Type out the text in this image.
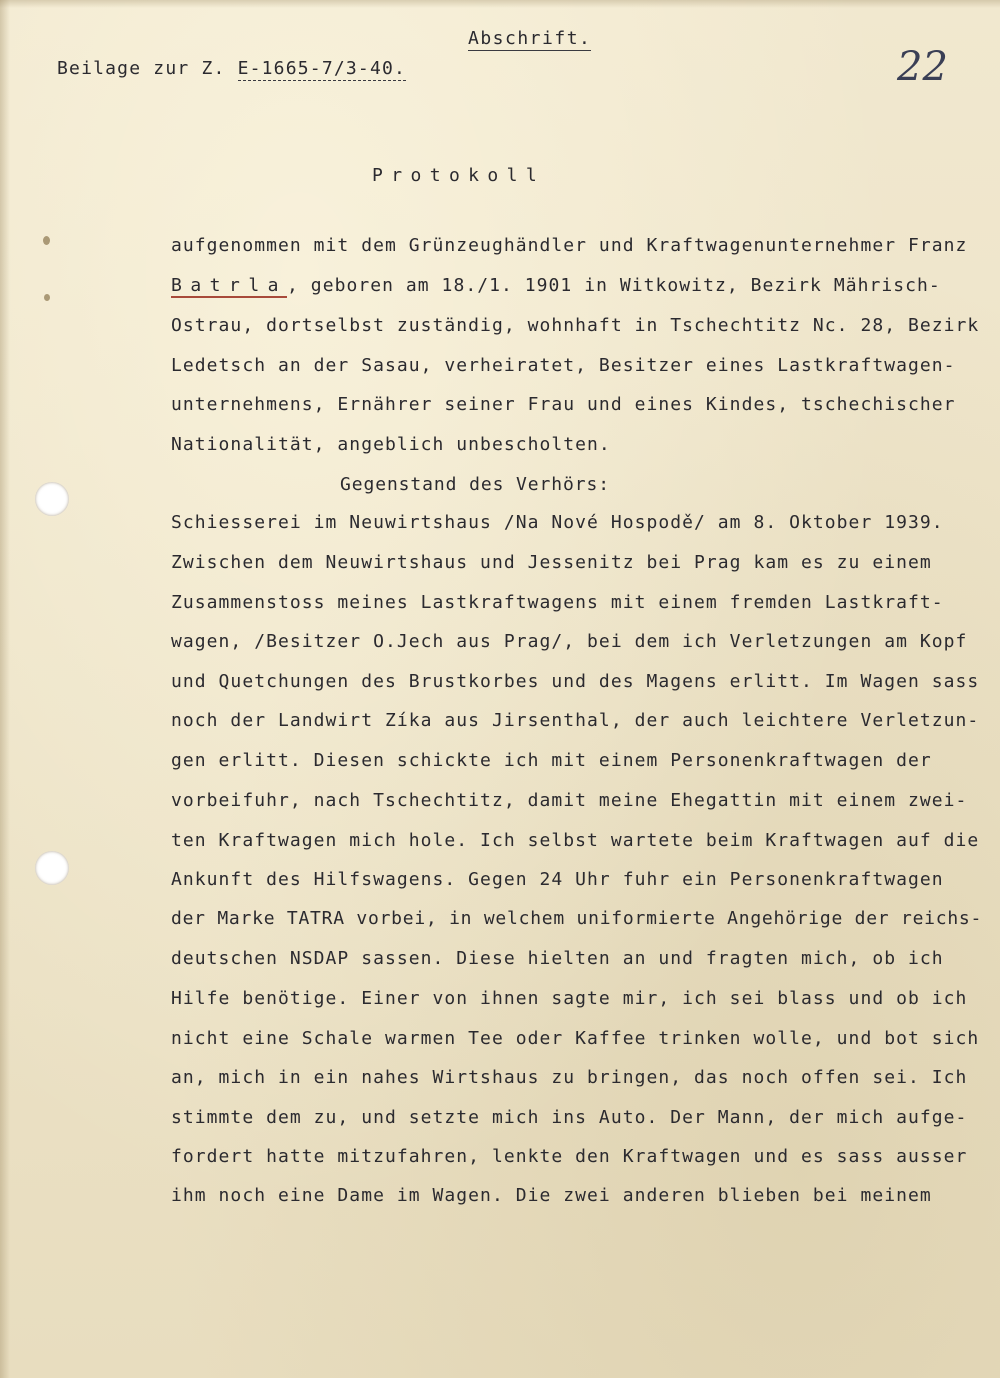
Abschrift.
Beilage zur Z. E-1665-7/3-40.	22
Protokoll
aufgenommen mit dem Grünzeughändler und Kraftwagenunternehmer Franz
Batrla, geboren am 18./1. 1901 in Witkowitz, Bezirk Mährisch-
Ostrau, dortselbst zuständig, wohnhaft in Tschechtitz Nc. 28, Bezirk
Ledetsch an der Sasau, verheiratet, Besitzer eines Lastkraftwagen-
unternehmens, Ernährer seiner Frau und eines Kindes, tschechischer
Nationalität, angeblich unbescholten.
Gegenstand des Verhörs:
Schiesserei im Neuwirtshaus /Na Nové Hospodě/ am 8. Oktober 1939.
Zwischen dem Neuwirtshaus und Jessenitz bei Prag kam es zu einem
Zusammenstoss meines Lastkraftwagens mit einem fremden Lastkraft-
wagen, /Besitzer O.Jech aus Prag/, bei dem ich Verletzungen am Kopf
und Quetchungen des Brustkorbes und des Magens erlitt. Im Wagen sass
noch der Landwirt Zíka aus Jirsenthal, der auch leichtere Verletzun-
gen erlitt. Diesen schickte ich mit einem Personenkraftwagen der
vorbeifuhr, nach Tschechtitz, damit meine Ehegattin mit einem zwei-
ten Kraftwagen mich hole. Ich selbst wartete beim Kraftwagen auf die
Ankunft des Hilfswagens. Gegen 24 Uhr fuhr ein Personenkraftwagen
der Marke TATRA vorbei, in welchem uniformierte Angehörige der reichs-
deutschen NSDAP sassen. Diese hielten an und fragten mich, ob ich
Hilfe benötige. Einer von ihnen sagte mir, ich sei blass und ob ich
nicht eine Schale warmen Tee oder Kaffee trinken wolle, und bot sich
an, mich in ein nahes Wirtshaus zu bringen, das noch offen sei. Ich
stimmte dem zu, und setzte mich ins Auto. Der Mann, der mich aufge-
fordert hatte mitzufahren, lenkte den Kraftwagen und es sass ausser
ihm noch eine Dame im Wagen. Die zwei anderen blieben bei meinem
